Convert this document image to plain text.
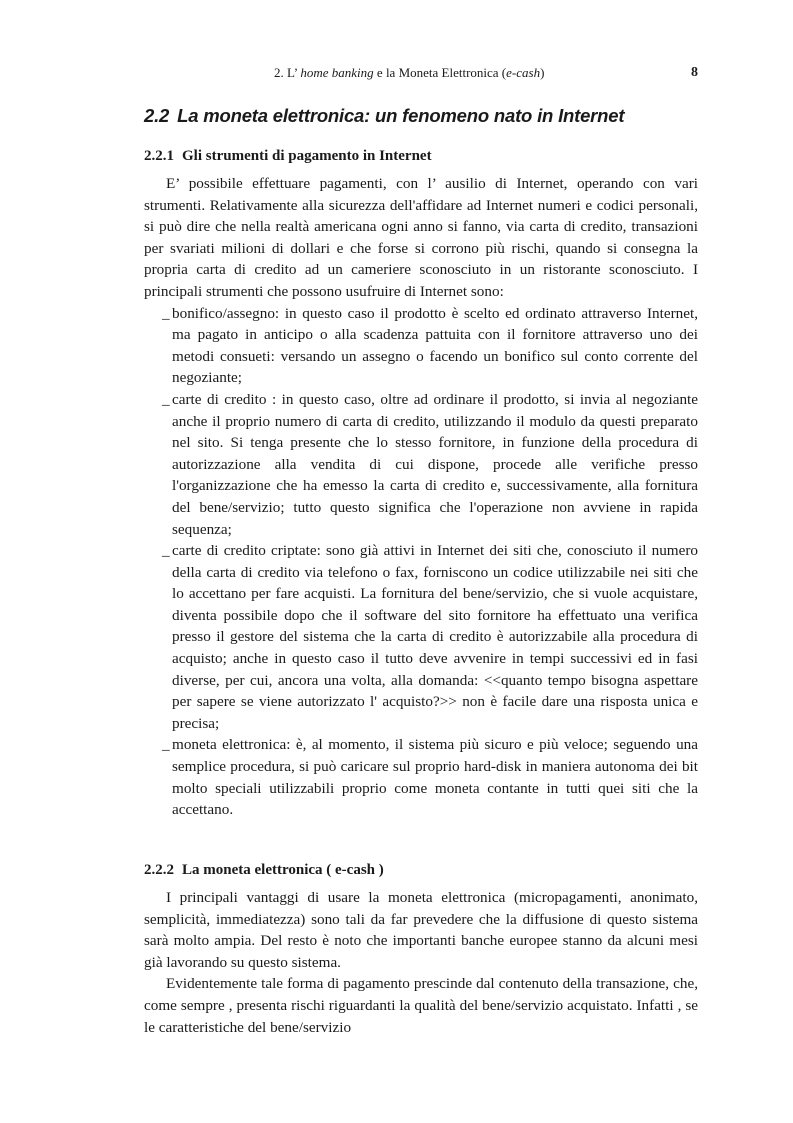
2. L’ home banking e la Moneta Elettronica (e-cash)	8
2.2 La moneta elettronica: un fenomeno nato in Internet
2.2.1 Gli strumenti di pagamento in Internet

E’ possibile effettuare pagamenti, con l’ ausilio di Internet, operando con vari strumenti. Relativamente alla sicurezza dell'affidare ad Internet numeri e codici personali, si può dire che nella realtà americana ogni anno si fanno, via carta di credito, transazioni per svariati milioni di dollari e che forse si corrono più rischi, quando si consegna la propria carta di credito ad un cameriere sconosciuto in un ristorante sconosciuto. I principali strumenti che possono usufruire di Internet sono:

_ bonifico/assegno: in questo caso il prodotto è scelto ed ordinato attraverso Internet, ma pagato in anticipo o alla scadenza pattuita con il fornitore attraverso uno dei metodi consueti: versando un assegno o facendo un bonifico sul conto corrente del negoziante;
_ carte di credito : in questo caso, oltre ad ordinare il prodotto, si invia al negoziante anche il proprio numero di carta di credito, utilizzando il modulo da questi preparato nel sito. Si tenga presente che lo stesso fornitore, in funzione della procedura di autorizzazione alla vendita di cui dispone, procede alle verifiche presso l'organizzazione che ha emesso la carta di credito e, successivamente, alla fornitura del bene/servizio; tutto questo significa che l'operazione non avviene in rapida sequenza;
_ carte di credito criptate: sono già attivi in Internet dei siti che, conosciuto il numero della carta di credito via telefono o fax, forniscono un codice utilizzabile nei siti che lo accettano per fare acquisti. La fornitura del bene/servizio, che si vuole acquistare, diventa possibile dopo che il software del sito fornitore ha effettuato una verifica presso il gestore del sistema che la carta di credito è autorizzabile alla procedura di acquisto; anche in questo caso il tutto deve avvenire in tempi successivi ed in fasi diverse, per cui, ancora una volta, alla domanda: <<quanto tempo bisogna aspettare per sapere se viene autorizzato l' acquisto?>> non è facile dare una risposta unica e precisa;
_ moneta elettronica: è, al momento, il sistema più sicuro e più veloce; seguendo una semplice procedura, si può caricare sul proprio hard-disk in maniera autonoma dei bit molto speciali utilizzabili proprio come moneta contante in tutti quei siti che la accettano.
2.2.2 La moneta elettronica ( e-cash )

I principali vantaggi di usare la moneta elettronica (micropagamenti, anonimato, semplicità, immediatezza) sono tali da far prevedere che la diffusione di questo sistema sarà molto ampia. Del resto è noto che importanti banche europee stanno da alcuni mesi già lavorando su questo sistema.

Evidentemente tale forma di pagamento prescinde dal contenuto della transazione, che, come sempre , presenta rischi riguardanti la qualità del bene/servizio acquistato. Infatti , se le caratteristiche del bene/servizio
